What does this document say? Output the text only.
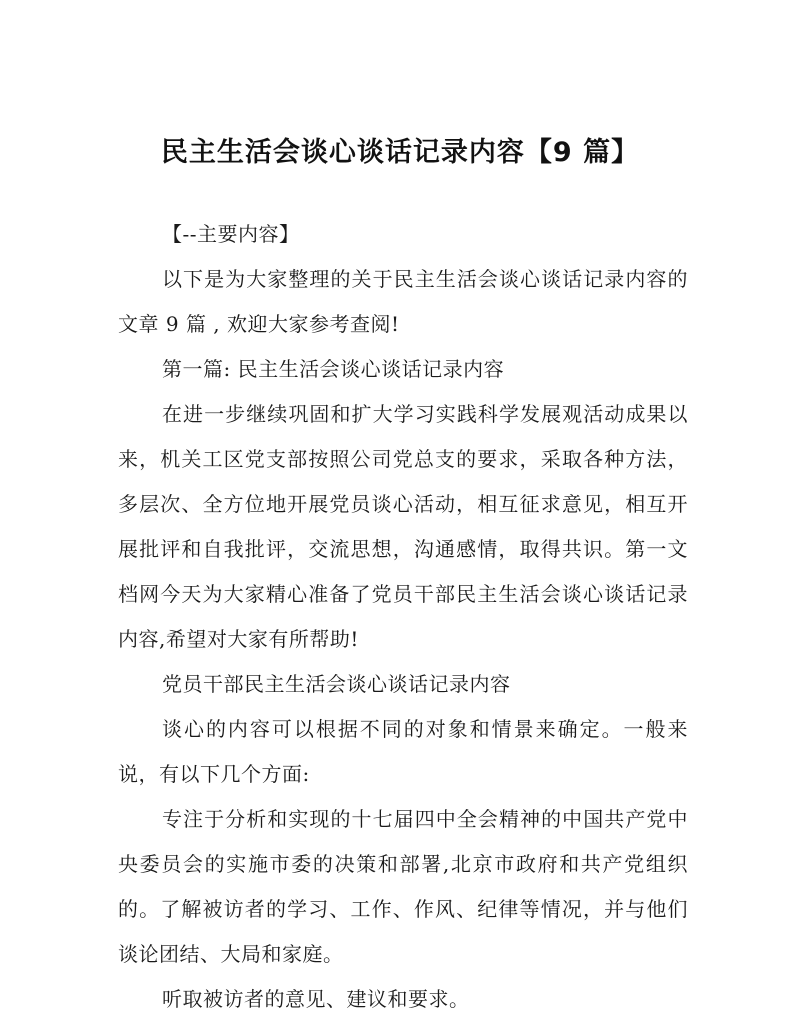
民主生活会谈心谈话记录内容【9 篇】

【--主要内容】

以下是为大家整理的关于民主生活会谈心谈话记录内容的文章 9 篇 , 欢迎大家参考查阅!

第一篇: 民主生活会谈心谈话记录内容

在进一步继续巩固和扩大学习实践科学发展观活动成果以来，机关工区党支部按照公司党总支的要求，采取各种方法，多层次、全方位地开展党员谈心活动，相互征求意见，相互开展批评和自我批评，交流思想，沟通感情，取得共识。第一文档网今天为大家精心准备了党员干部民主生活会谈心谈话记录内容,希望对大家有所帮助!

党员干部民主生活会谈心谈话记录内容

谈心的内容可以根据不同的对象和情景来确定。一般来说，有以下几个方面:

专注于分析和实现的十七届四中全会精神的中国共产党中央委员会的实施市委的决策和部署,北京市政府和共产党组织的。了解被访者的学习、工作、作风、纪律等情况，并与他们谈论团结、大局和家庭。

听取被访者的意见、建议和要求。
